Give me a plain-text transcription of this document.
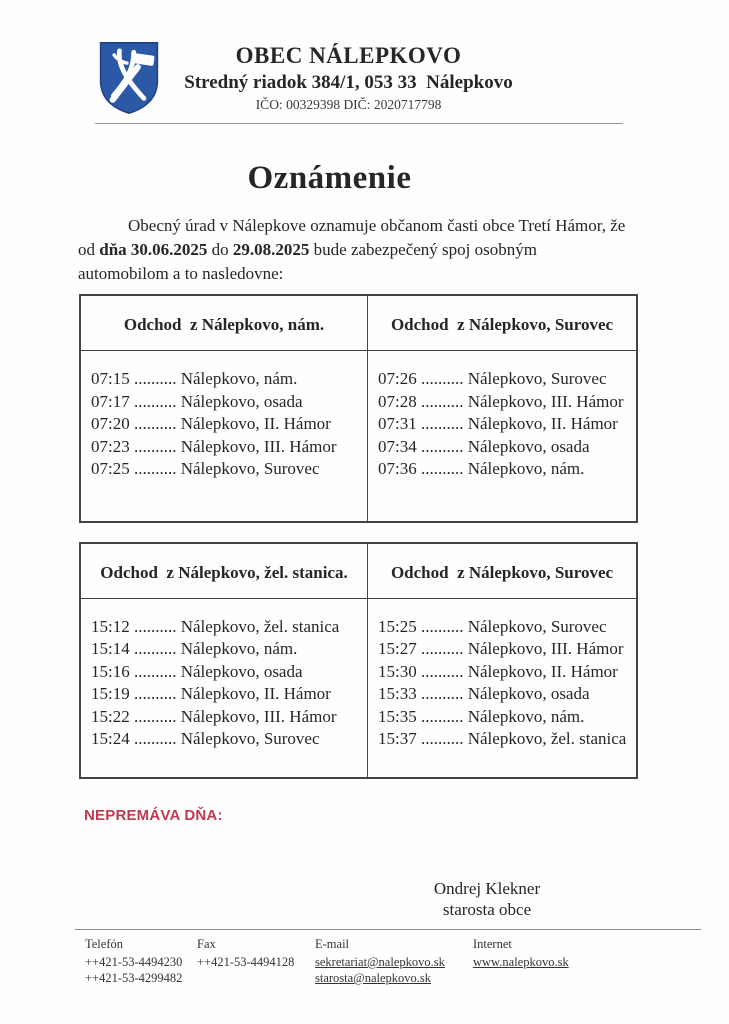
OBEC NÁLEPKOVO
Stredný riadok 384/1, 053 33  Nálepkovo
IČO: 00329398 DIČ: 2020717798
Oznámenie
Obecný úrad v Nálepkove oznamuje občanom časti obce Tretí Hámor, že
od dňa 30.06.2025 do 29.08.2025 bude zabezpečený spoj osobným
automobilom a to nasledovne:
Odchod  z Nálepkovo, nám.	Odchod  z Nálepkovo, Surovec
07:15 .......... Nálepkovo, nám.
07:17 .......... Nálepkovo, osada
07:20 .......... Nálepkovo, II. Hámor
07:23 .......... Nálepkovo, III. Hámor
07:25 .......... Nálepkovo, Surovec
07:26 .......... Nálepkovo, Surovec
07:28 .......... Nálepkovo, III. Hámor
07:31 .......... Nálepkovo, II. Hámor
07:34 .......... Nálepkovo, osada
07:36 .......... Nálepkovo, nám.
Odchod  z Nálepkovo, žel. stanica.	Odchod  z Nálepkovo, Surovec
15:12 .......... Nálepkovo, žel. stanica
15:14 .......... Nálepkovo, nám.
15:16 .......... Nálepkovo, osada
15:19 .......... Nálepkovo, II. Hámor
15:22 .......... Nálepkovo, III. Hámor
15:24 .......... Nálepkovo, Surovec
15:25 .......... Nálepkovo, Surovec
15:27 .......... Nálepkovo, III. Hámor
15:30 .......... Nálepkovo, II. Hámor
15:33 .......... Nálepkovo, osada
15:35 .......... Nálepkovo, nám.
15:37 .......... Nálepkovo, žel. stanica
NEPREMÁVA DŇA:
Ondrej Klekner
starosta obce
Telefón
++421-53-4494230
++421-53-4299482
Fax
++421-53-4494128
E-mail
sekretariat@nalepkovo.sk
starosta@nalepkovo.sk
Internet
www.nalepkovo.sk
